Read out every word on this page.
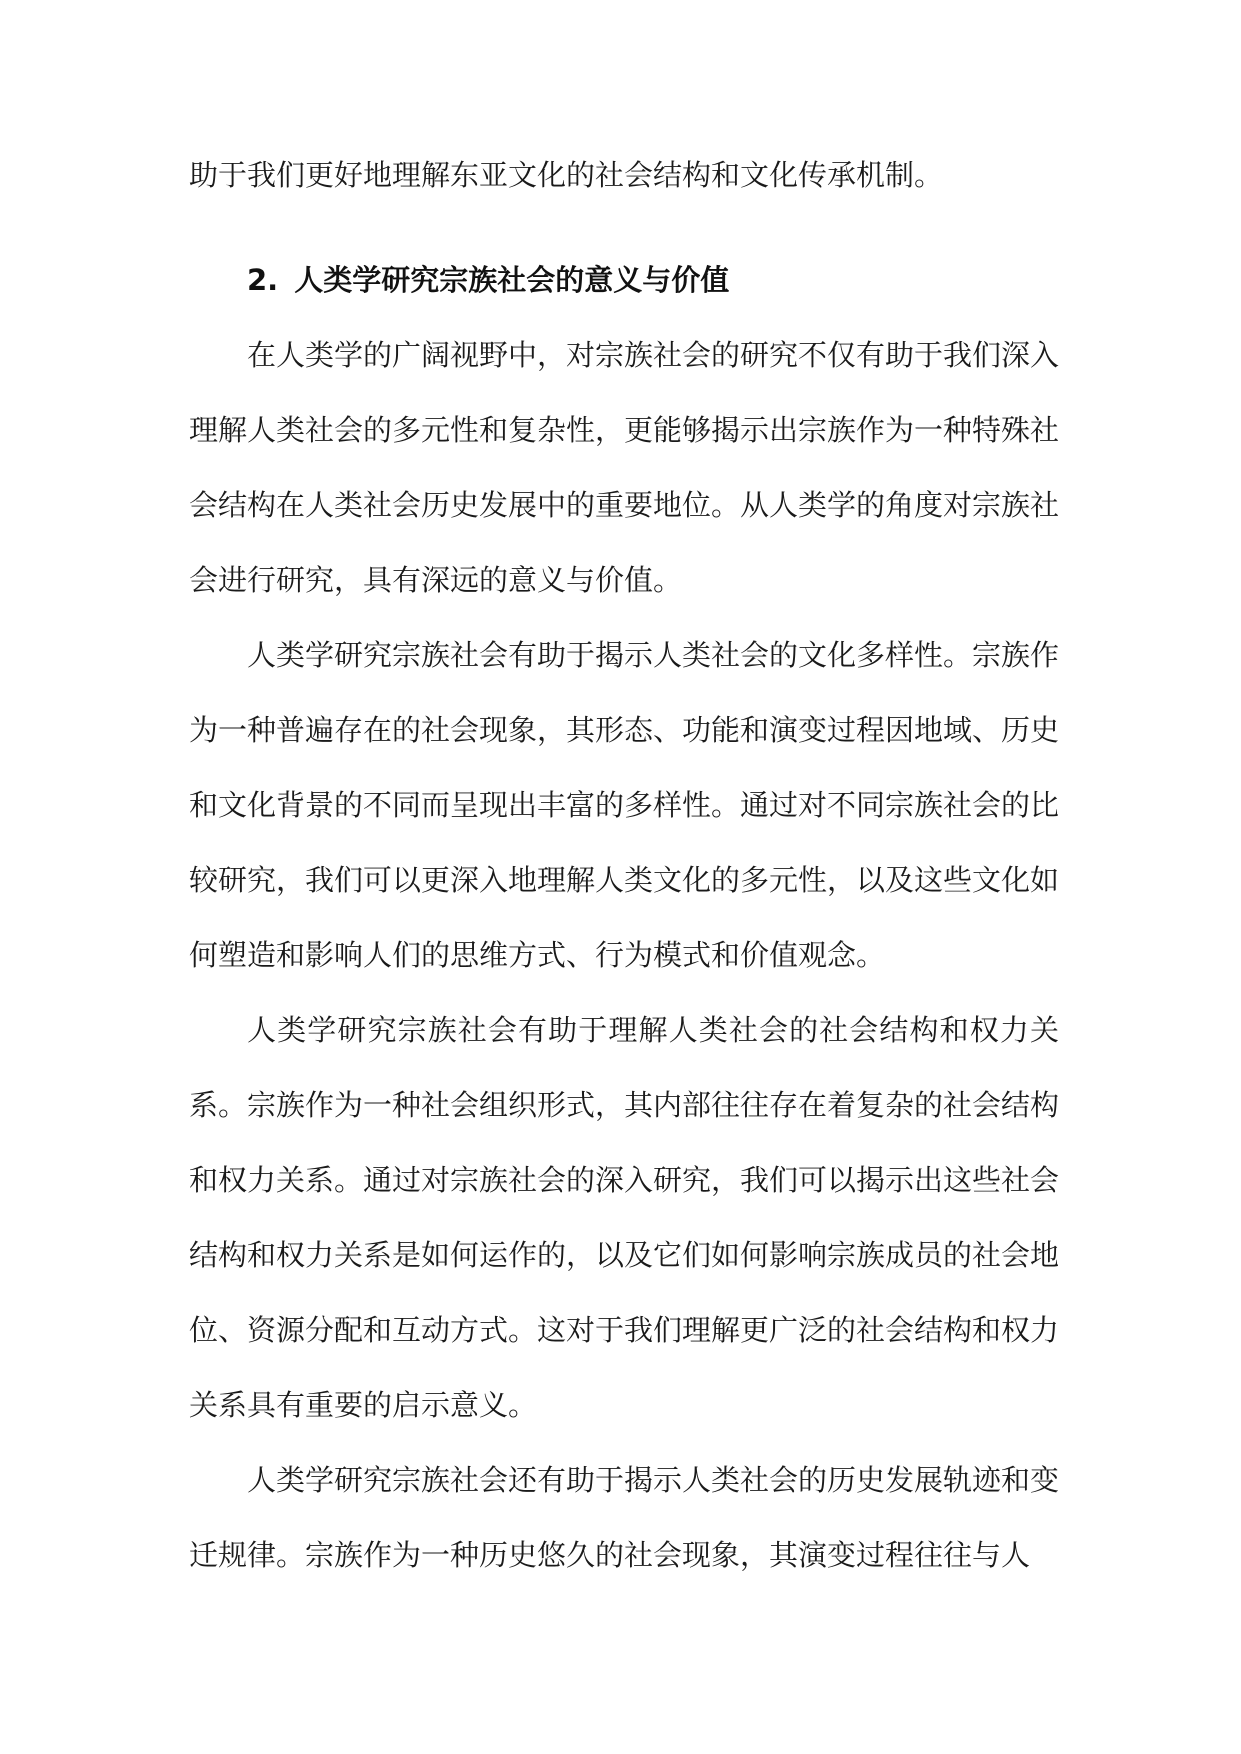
助于我们更好地理解东亚文化的社会结构和文化传承机制。

2. 人类学研究宗族社会的意义与价值

在人类学的广阔视野中，对宗族社会的研究不仅有助于我们深入理解人类社会的多元性和复杂性，更能够揭示出宗族作为一种特殊社会结构在人类社会历史发展中的重要地位。从人类学的角度对宗族社会进行研究，具有深远的意义与价值。

人类学研究宗族社会有助于揭示人类社会的文化多样性。宗族作为一种普遍存在的社会现象，其形态、功能和演变过程因地域、历史和文化背景的不同而呈现出丰富的多样性。通过对不同宗族社会的比较研究，我们可以更深入地理解人类文化的多元性，以及这些文化如何塑造和影响人们的思维方式、行为模式和价值观念。

人类学研究宗族社会有助于理解人类社会的社会结构和权力关系。宗族作为一种社会组织形式，其内部往往存在着复杂的社会结构和权力关系。通过对宗族社会的深入研究，我们可以揭示出这些社会结构和权力关系是如何运作的，以及它们如何影响宗族成员的社会地位、资源分配和互动方式。这对于我们理解更广泛的社会结构和权力关系具有重要的启示意义。

人类学研究宗族社会还有助于揭示人类社会的历史发展轨迹和变迁规律。宗族作为一种历史悠久的社会现象，其演变过程往往与人
